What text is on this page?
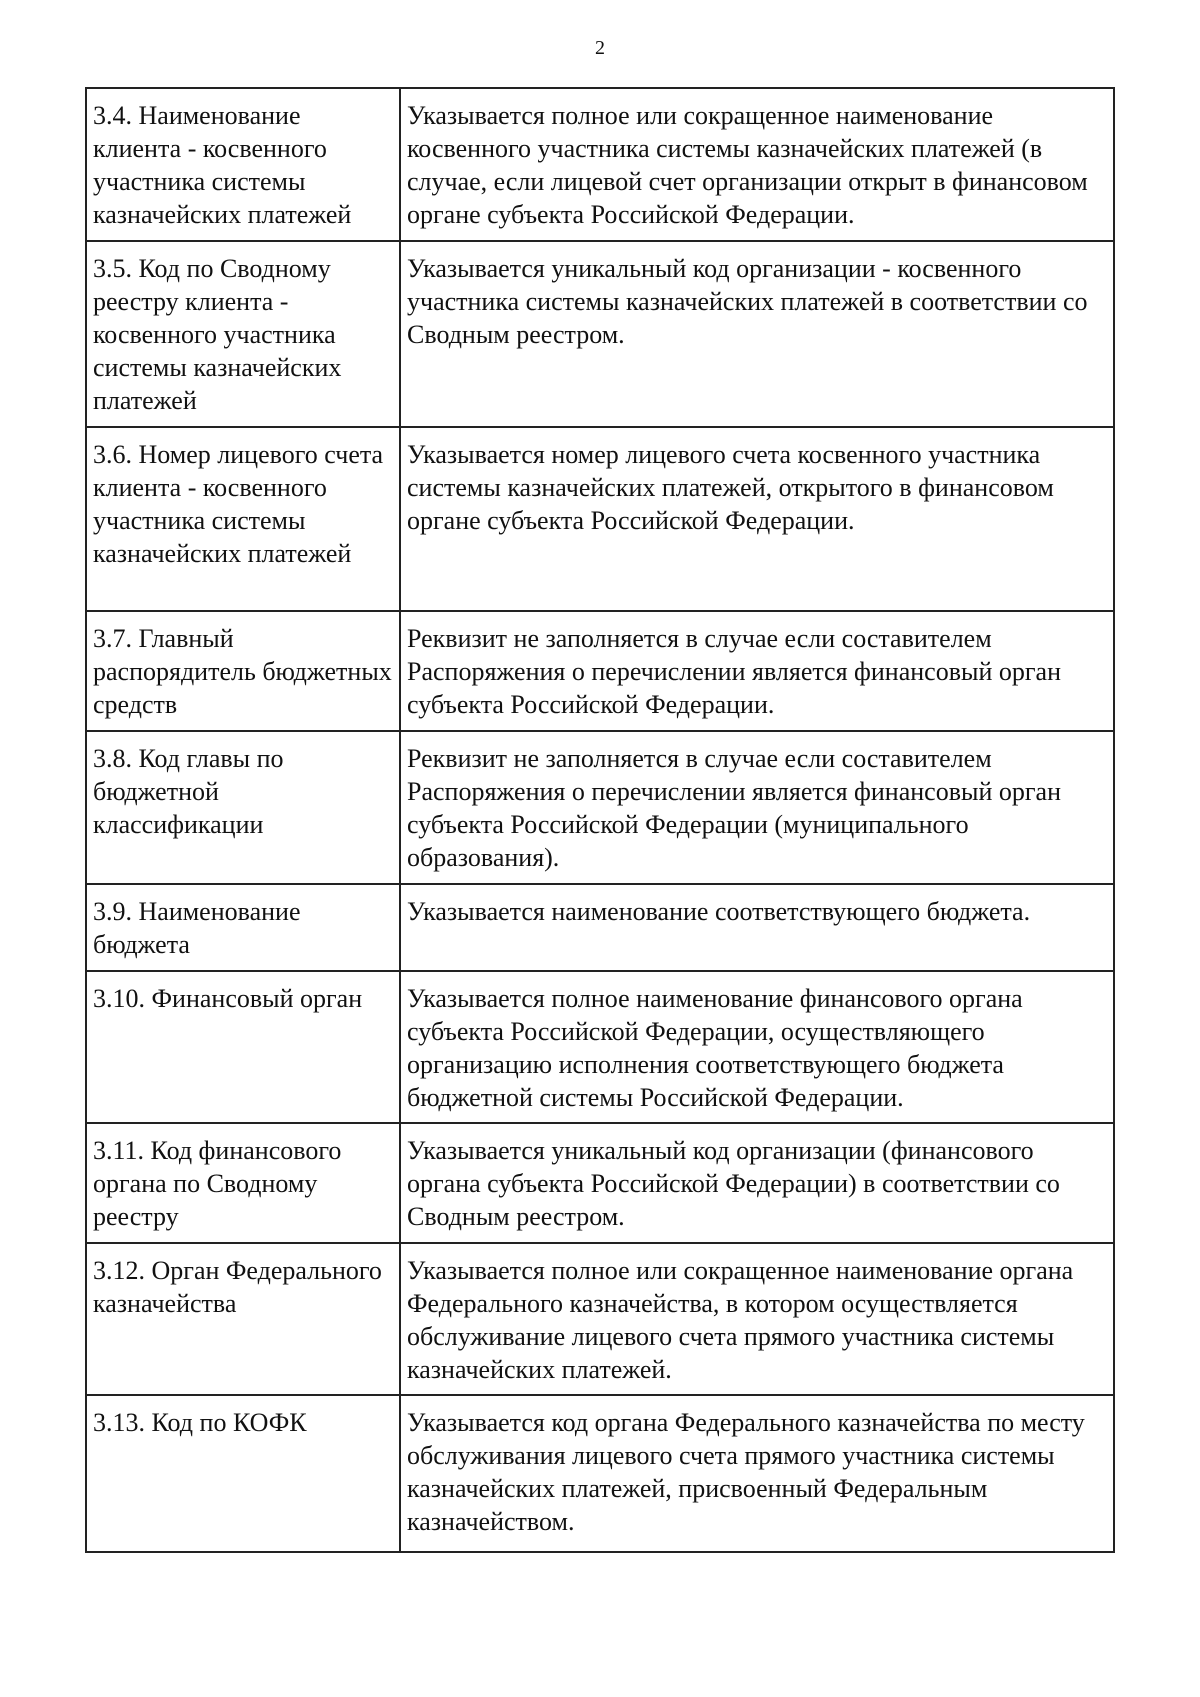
2
3.4. Наименование клиента - косвенного участника системы казначейских платежей	Указывается полное или сокращенное наименование косвенного участника системы казначейских платежей (в случае, если лицевой счет организации открыт в финансовом органе субъекта Российской Федерации.
3.5. Код по Сводному реестру клиента - косвенного участника системы казначейских платежей	Указывается уникальный код организации - косвенного участника системы казначейских платежей в соответствии со Сводным реестром.
3.6. Номер лицевого счета клиента - косвенного участника системы казначейских платежей	Указывается номер лицевого счета косвенного участника системы казначейских платежей, открытого в финансовом органе субъекта Российской Федерации.
3.7. Главный распорядитель бюджетных средств	Реквизит не заполняется в случае если составителем Распоряжения о перечислении является финансовый орган субъекта Российской Федерации.
3.8. Код главы по бюджетной классификации	Реквизит не заполняется в случае если составителем Распоряжения о перечислении является финансовый орган субъекта Российской Федерации (муниципального образования).
3.9. Наименование бюджета	Указывается наименование соответствующего бюджета.
3.10. Финансовый орган	Указывается полное наименование финансового органа субъекта Российской Федерации, осуществляющего организацию исполнения соответствующего бюджета бюджетной системы Российской Федерации.
3.11. Код финансового органа по Сводному реестру	Указывается уникальный код организации (финансового органа субъекта Российской Федерации) в соответствии со Сводным реестром.
3.12. Орган Федерального казначейства	Указывается полное или сокращенное наименование органа Федерального казначейства, в котором осуществляется обслуживание лицевого счета прямого участника системы казначейских платежей.
3.13. Код по КОФК	Указывается код органа Федерального казначейства по месту обслуживания лицевого счета прямого участника системы казначейских платежей, присвоенный Федеральным казначейством.
